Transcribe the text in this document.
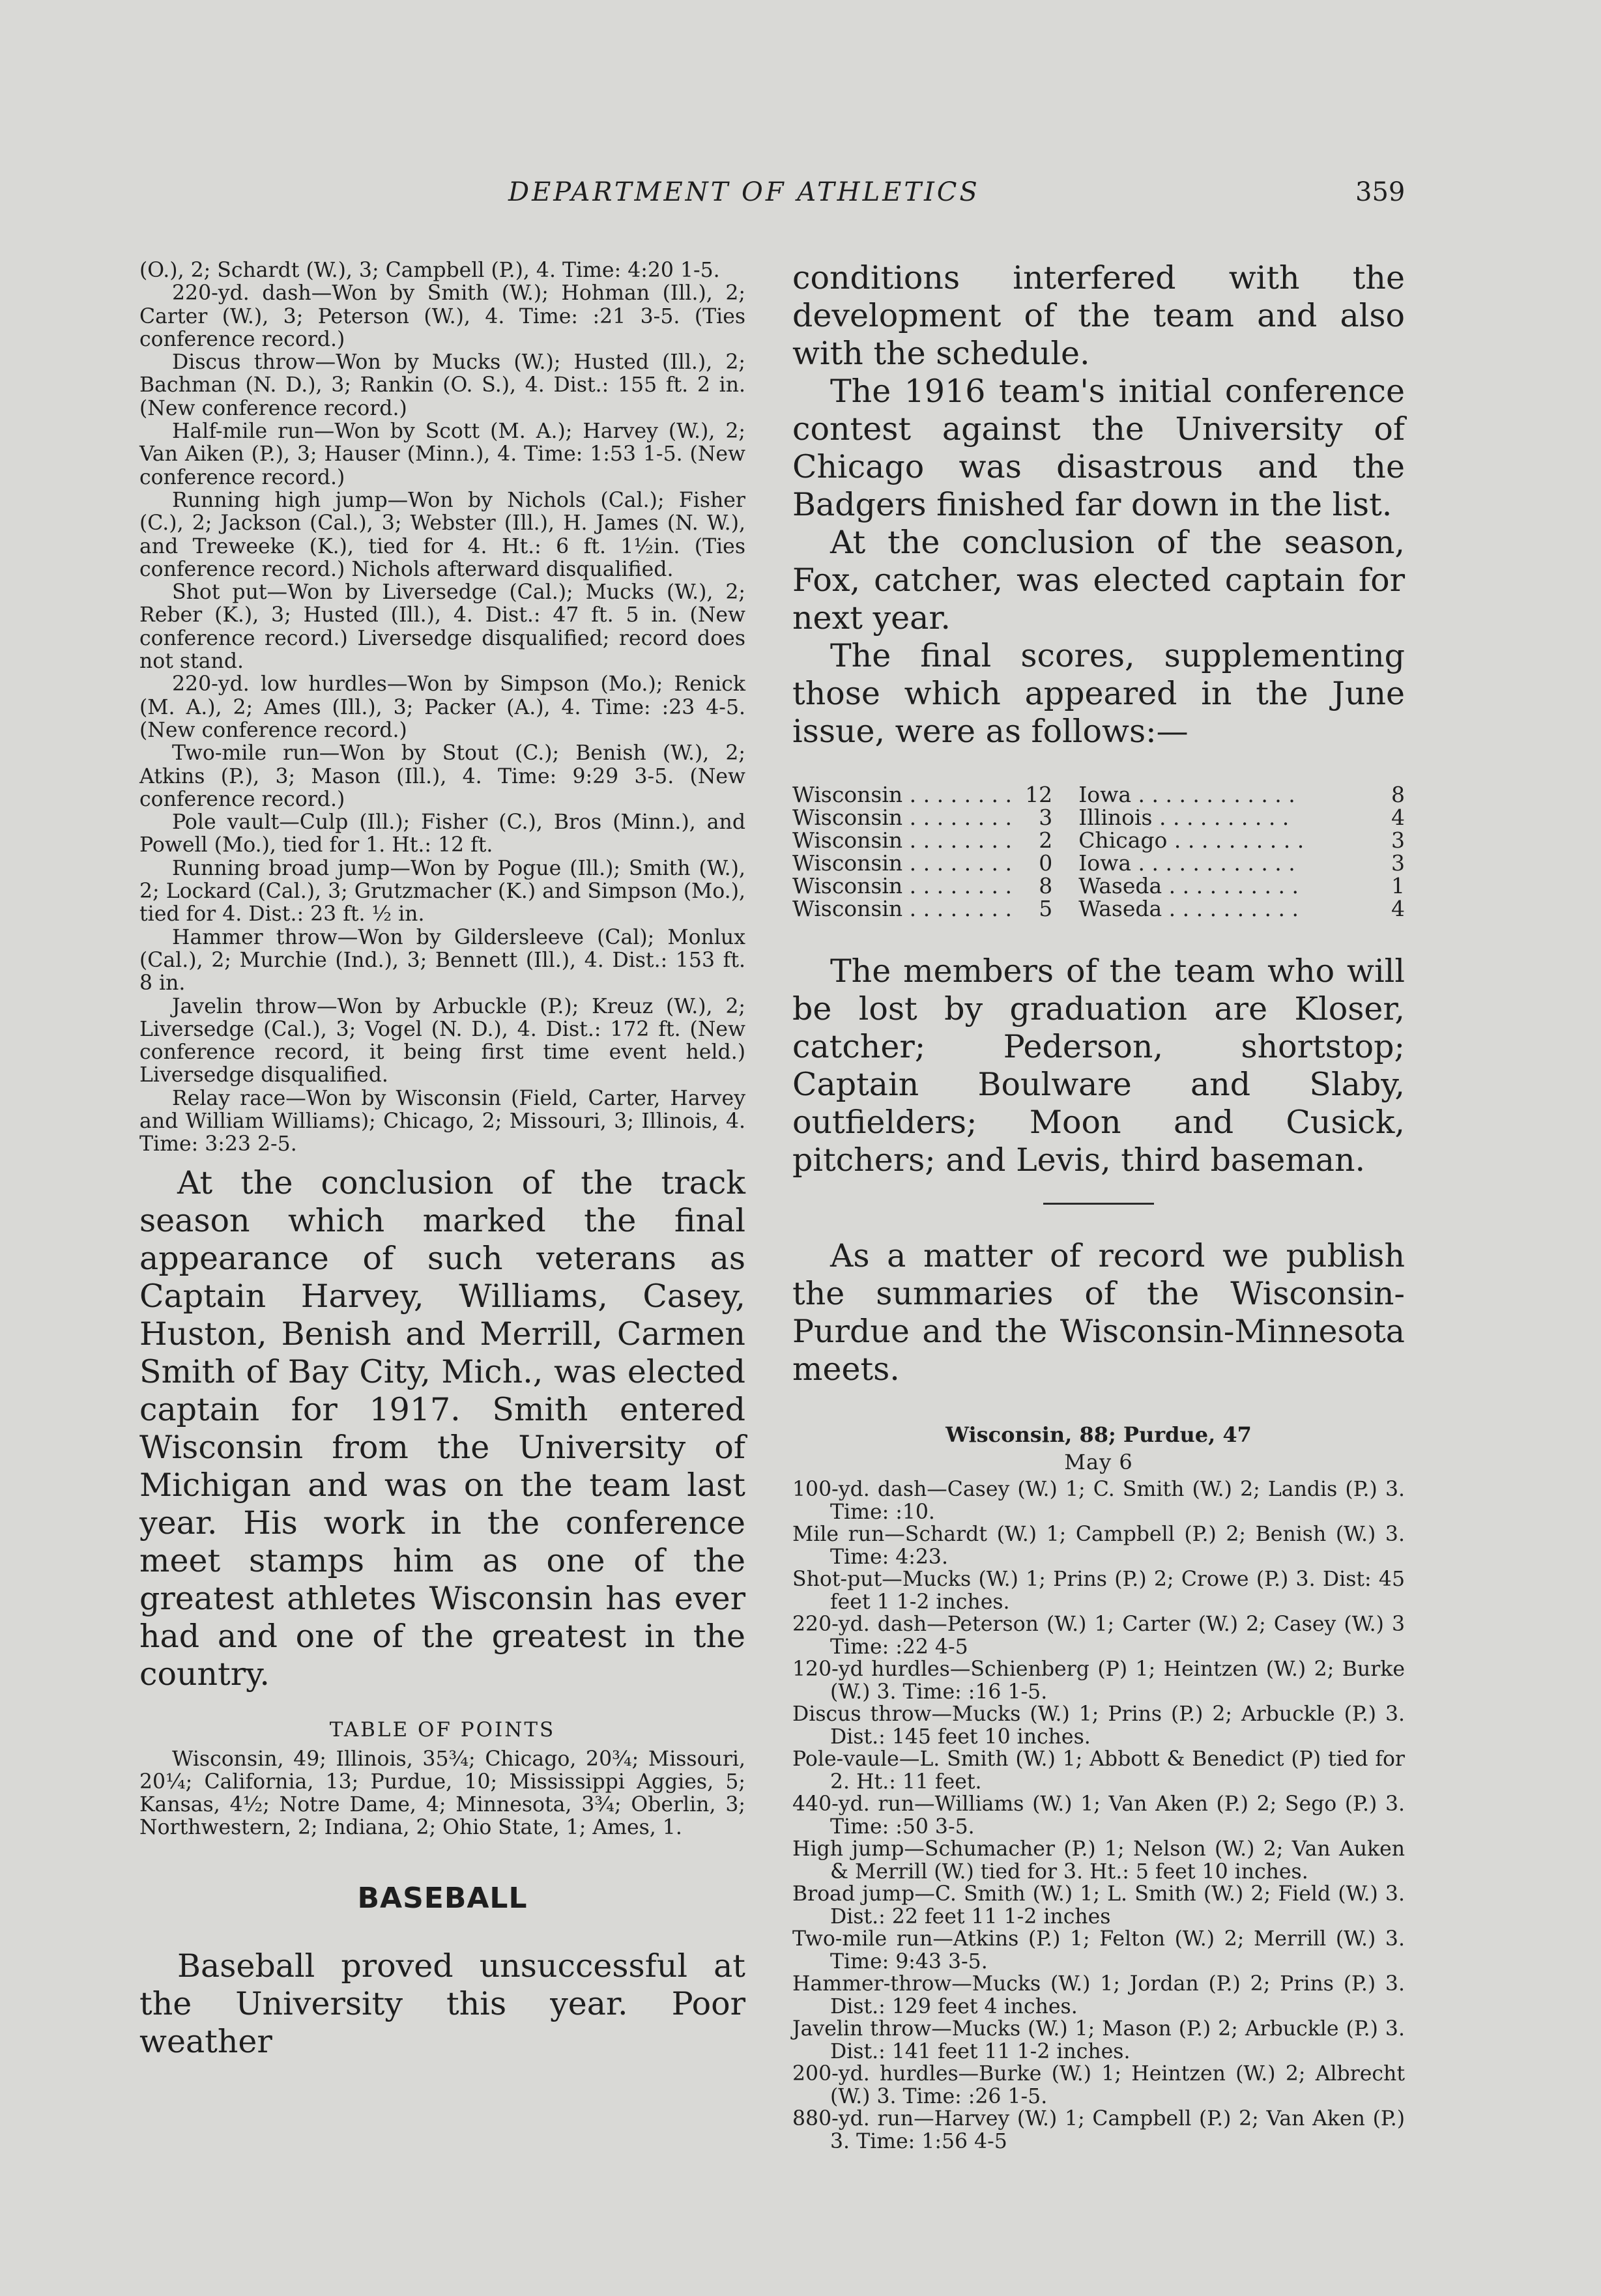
DEPARTMENT OF ATHLETICS	359

(O.), 2; Schardt (W.), 3; Campbell (P.), 4. Time: 4:20 1-5.

220-yd. dash—Won by Smith (W.); Hohman (Ill.), 2; Carter (W.), 3; Peterson (W.), 4. Time: :21 3-5. (Ties conference record.)

Discus throw—Won by Mucks (W.); Husted (Ill.), 2; Bachman (N. D.), 3; Rankin (O. S.), 4. Dist.: 155 ft. 2 in. (New conference record.)

Half-mile run—Won by Scott (M. A.); Harvey (W.), 2; Van Aiken (P.), 3; Hauser (Minn.), 4. Time: 1:53 1-5. (New conference record.)

Running high jump—Won by Nichols (Cal.); Fisher (C.), 2; Jackson (Cal.), 3; Webster (Ill.), H. James (N. W.), and Treweeke (K.), tied for 4. Ht.: 6 ft. 1½in. (Ties conference record.) Nichols afterward disqualified.

Shot put—Won by Liversedge (Cal.); Mucks (W.), 2; Reber (K.), 3; Husted (Ill.), 4. Dist.: 47 ft. 5 in. (New conference record.) Liversedge disqualified; record does not stand.

220-yd. low hurdles—Won by Simpson (Mo.); Renick (M. A.), 2; Ames (Ill.), 3; Packer (A.), 4. Time: :23 4-5. (New conference record.)

Two-mile run—Won by Stout (C.); Benish (W.), 2; Atkins (P.), 3; Mason (Ill.), 4. Time: 9:29 3-5. (New conference record.)

Pole vault—Culp (Ill.); Fisher (C.), Bros (Minn.), and Powell (Mo.), tied for 1. Ht.: 12 ft.

Running broad jump—Won by Pogue (Ill.); Smith (W.), 2; Lockard (Cal.), 3; Grutzmacher (K.) and Simpson (Mo.), tied for 4. Dist.: 23 ft. ½ in.

Hammer throw—Won by Gildersleeve (Cal); Monlux (Cal.), 2; Murchie (Ind.), 3; Bennett (Ill.), 4. Dist.: 153 ft. 8 in.

Javelin throw—Won by Arbuckle (P.); Kreuz (W.), 2; Liversedge (Cal.), 3; Vogel (N. D.), 4. Dist.: 172 ft. (New conference record, it being first time event held.) Liversedge disqualified.

Relay race—Won by Wisconsin (Field, Carter, Harvey and William Williams); Chicago, 2; Missouri, 3; Illinois, 4. Time: 3:23 2-5.

At the conclusion of the track season which marked the final appearance of such veterans as Captain Harvey, Williams, Casey, Huston, Benish and Merrill, Carmen Smith of Bay City, Mich., was elected captain for 1917. Smith entered Wisconsin from the University of Michigan and was on the team last year. His work in the conference meet stamps him as one of the greatest athletes Wisconsin has ever had and one of the greatest in the country.

TABLE OF POINTS

Wisconsin, 49; Illinois, 35¾; Chicago, 20¾; Missouri, 20¼; California, 13; Purdue, 10; Mississippi Aggies, 5; Kansas, 4½; Notre Dame, 4; Minnesota, 3¾; Oberlin, 3; Northwestern, 2; Indiana, 2; Ohio State, 1; Ames, 1.

BASEBALL

Baseball proved unsuccessful at the University this year. Poor weather

conditions interfered with the development of the team and also with the schedule.

The 1916 team's initial conference contest against the University of Chicago was disastrous and the Badgers finished far down in the list.

At the conclusion of the season, Fox, catcher, was elected captain for next year.

The final scores, supplementing those which appeared in the June issue, were as follows:—

Wisconsin . . . . . . . .	12	Iowa . . . . . . . . . . . .	8
Wisconsin . . . . . . . .	3	Illinois . . . . . . . . . .	4
Wisconsin . . . . . . . .	2	Chicago . . . . . . . . . .	3
Wisconsin . . . . . . . .	0	Iowa . . . . . . . . . . . .	3
Wisconsin . . . . . . . .	8	Waseda . . . . . . . . . .	1
Wisconsin . . . . . . . .	5	Waseda . . . . . . . . . .	4

The members of the team who will be lost by graduation are Kloser, catcher; Pederson, shortstop; Captain Boulware and Slaby, outfielders; Moon and Cusick, pitchers; and Levis, third baseman.

As a matter of record we publish the summaries of the Wisconsin-Purdue and the Wisconsin-Minnesota meets.

Wisconsin, 88; Purdue, 47
May 6

100-yd. dash—Casey (W.) 1; C. Smith (W.) 2; Landis (P.) 3. Time: :10.

Mile run—Schardt (W.) 1; Campbell (P.) 2; Benish (W.) 3. Time: 4:23.

Shot-put—Mucks (W.) 1; Prins (P.) 2; Crowe (P.) 3. Dist: 45 feet 1 1-2 inches.

220-yd. dash—Peterson (W.) 1; Carter (W.) 2; Casey (W.) 3 Time: :22 4-5

120-yd hurdles—Schienberg (P) 1; Heintzen (W.) 2; Burke (W.) 3. Time: :16 1-5.

Discus throw—Mucks (W.) 1; Prins (P.) 2; Arbuckle (P.) 3. Dist.: 145 feet 10 inches.

Pole-vaule—L. Smith (W.) 1; Abbott & Benedict (P) tied for 2. Ht.: 11 feet.

440-yd. run—Williams (W.) 1; Van Aken (P.) 2; Sego (P.) 3. Time: :50 3-5.

High jump—Schumacher (P.) 1; Nelson (W.) 2; Van Auken & Merrill (W.) tied for 3. Ht.: 5 feet 10 inches.

Broad jump—C. Smith (W.) 1; L. Smith (W.) 2; Field (W.) 3. Dist.: 22 feet 11 1-2 inches

Two-mile run—Atkins (P.) 1; Felton (W.) 2; Merrill (W.) 3. Time: 9:43 3-5.

Hammer-throw—Mucks (W.) 1; Jordan (P.) 2; Prins (P.) 3. Dist.: 129 feet 4 inches.

Javelin throw—Mucks (W.) 1; Mason (P.) 2; Arbuckle (P.) 3. Dist.: 141 feet 11 1-2 inches.

200-yd. hurdles—Burke (W.) 1; Heintzen (W.) 2; Albrecht (W.) 3. Time: :26 1-5.

880-yd. run—Harvey (W.) 1; Campbell (P.) 2; Van Aken (P.) 3. Time: 1:56 4-5
